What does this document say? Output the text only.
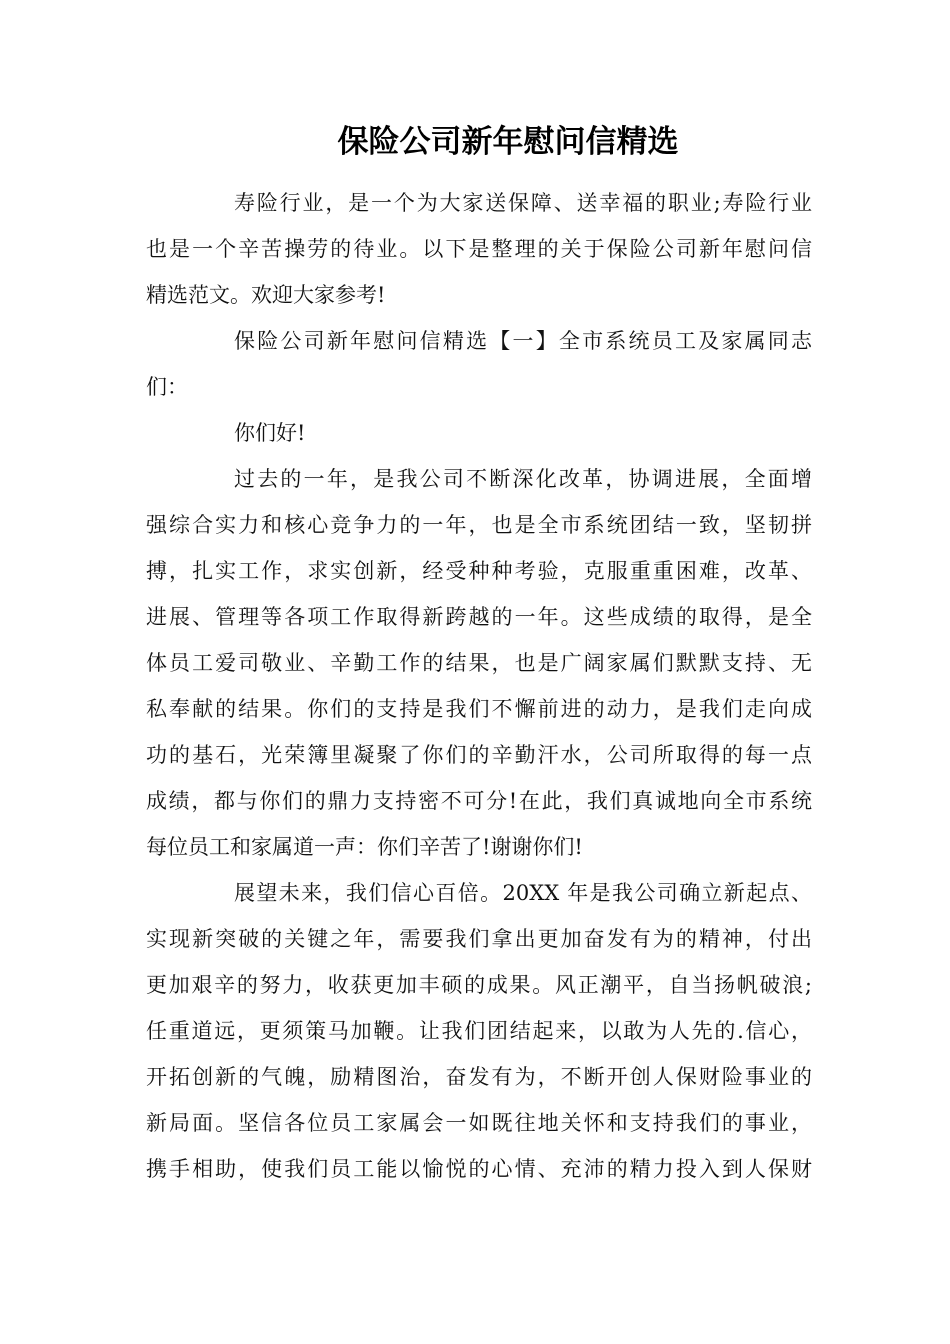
保险公司新年慰问信精选
寿险行业，是一个为大家送保障、送幸福的职业;寿险行业
也是一个辛苦操劳的待业。以下是整理的关于保险公司新年慰问信
精选范文。欢迎大家参考!
保险公司新年慰问信精选【一】全市系统员工及家属同志
们：
你们好!
过去的一年，是我公司不断深化改革，协调进展，全面增
强综合实力和核心竞争力的一年，也是全市系统团结一致，坚韧拼
搏，扎实工作，求实创新，经受种种考验，克服重重困难，改革、
进展、管理等各项工作取得新跨越的一年。这些成绩的取得，是全
体员工爱司敬业、辛勤工作的结果，也是广阔家属们默默支持、无
私奉献的结果。你们的支持是我们不懈前进的动力，是我们走向成
功的基石，光荣簿里凝聚了你们的辛勤汗水，公司所取得的每一点
成绩，都与你们的鼎力支持密不可分!在此，我们真诚地向全市系统
每位员工和家属道一声：你们辛苦了!谢谢你们!
展望未来，我们信心百倍。20XX 年是我公司确立新起点、
实现新突破的关键之年，需要我们拿出更加奋发有为的精神，付出
更加艰辛的努力，收获更加丰硕的成果。风正潮平，自当扬帆破浪;
任重道远，更须策马加鞭。让我们团结起来，以敢为人先的.信心，
开拓创新的气魄，励精图治，奋发有为，不断开创人保财险事业的
新局面。坚信各位员工家属会一如既往地关怀和支持我们的事业，
携手相助，使我们员工能以愉悦的心情、充沛的精力投入到人保财
